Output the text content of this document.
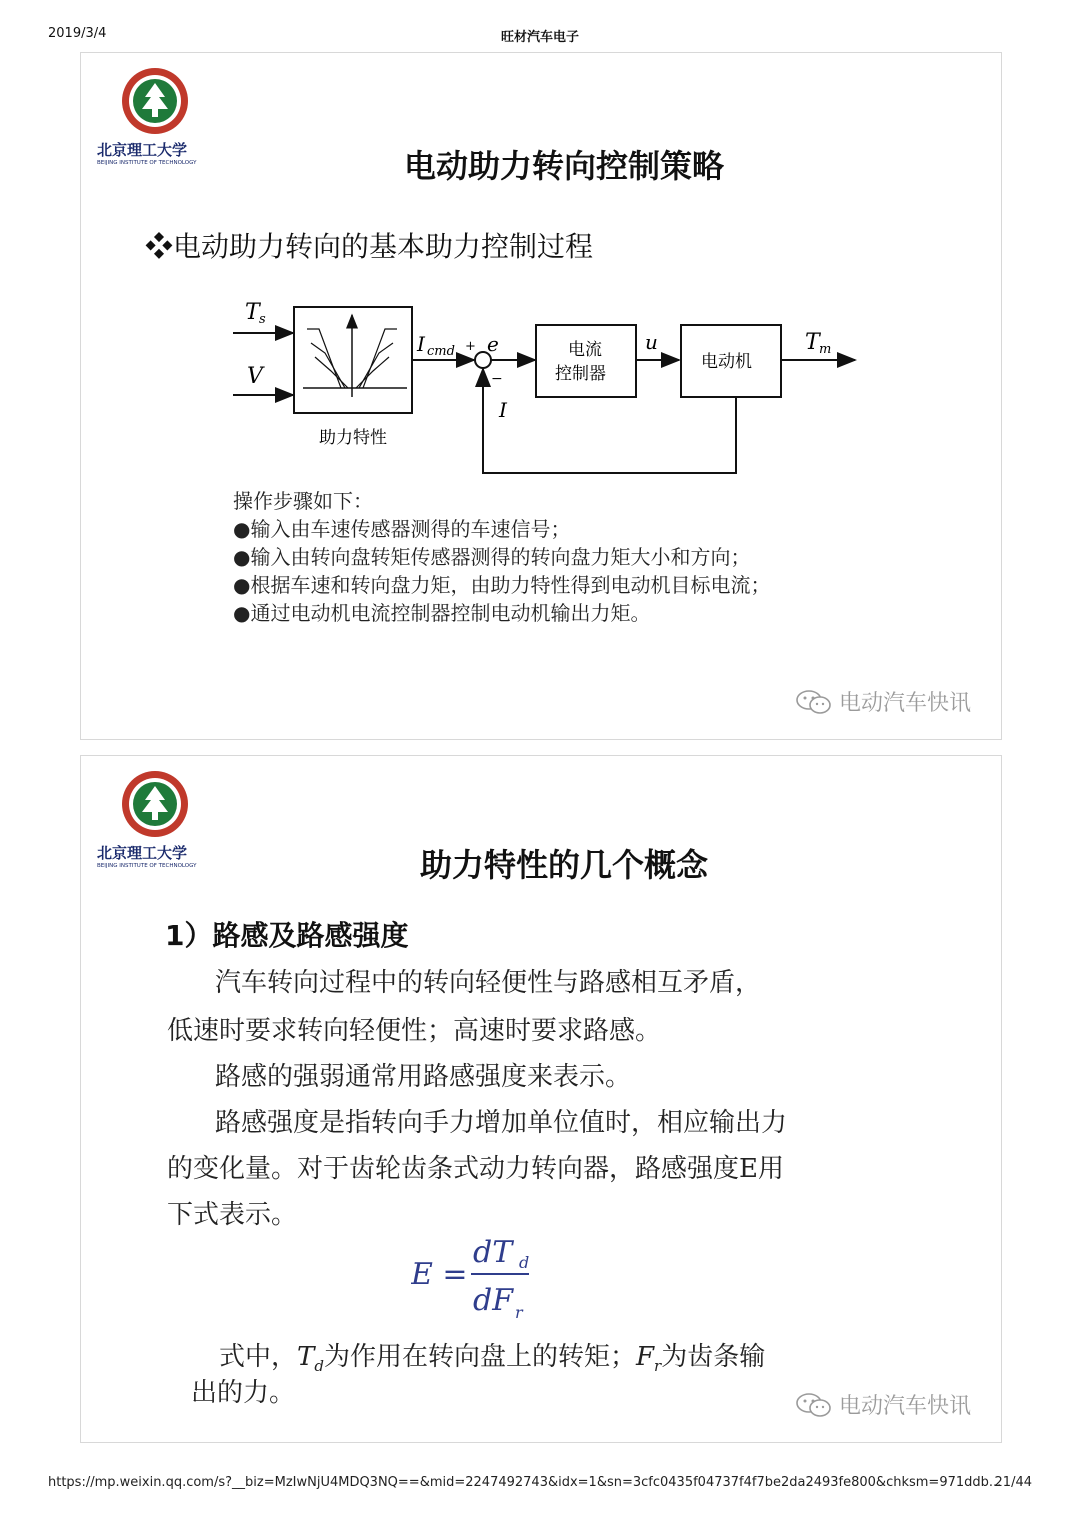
2019/3/4	旺材汽车电子
北京理工大学
BEIJING INSTITUTE OF TECHNOLOGY	电动助力转向控制策略
❖电动助力转向的基本助力控制过程
T s
V
助力特性
I cmd + e
−
电流
控制器
u
电动机
T m
I
操作步骤如下：
●输入由车速传感器测得的车速信号；
●输入由转向盘转矩传感器测得的转向盘力矩大小和方向；
●根据车速和转向盘力矩，由助力特性得到电动机目标电流；
●通过电动机电流控制器控制电动机输出力矩。
电动汽车快讯
北京理工大学
BEIJING INSTITUTE OF TECHNOLOGY	助力特性的几个概念
1）路感及路感强度
汽车转向过程中的转向轻便性与路感相互矛盾，
低速时要求转向轻便性；高速时要求路感。
路感的强弱通常用路感强度来表示。
路感强度是指转向手力增加单位值时，相应输出力
的变化量。对于齿轮齿条式动力转向器，路感强度E用
下式表示。
E =
dT d
dF r
式中，$T_d$为作用在转向盘上的转矩；$F_r$为齿条输
出的力。	电动汽车快讯
https://mp.weixin.qq.com/s?__biz=MzIwNjU4MDQ3NQ==&mid=2247492743&idx=1&sn=3cfc0435f04737f4f7be2da2493fe800&chksm=971ddb...
21/44
